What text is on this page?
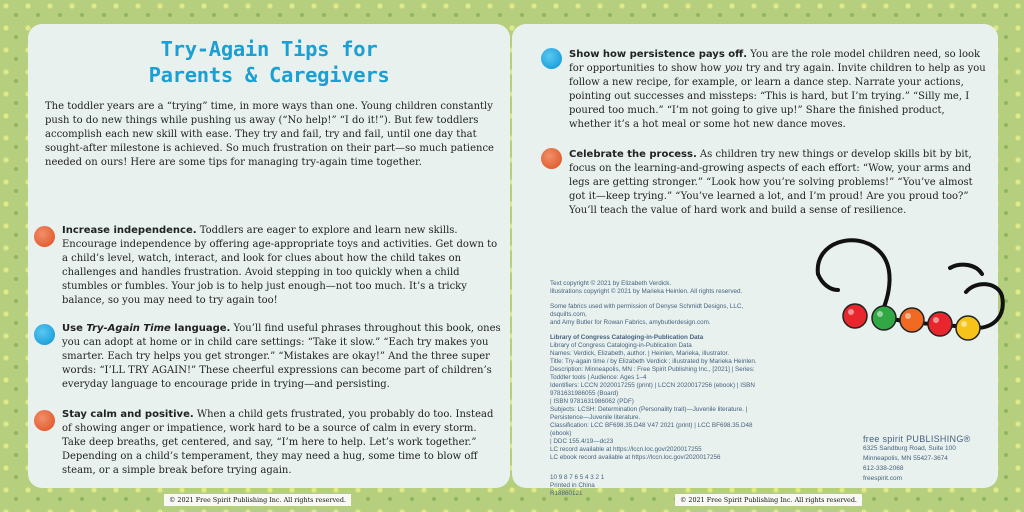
Try-Again Tips for
Parents & Caregivers

The toddler years are a “trying” time, in more ways than one. Young children constantly push to do new things while pushing us away (“No help!” “I do it!”). But few toddlers accomplish each new skill with ease. They try and fail, try and fail, until one day that sought-after milestone is achieved. So much frustration on their part—so much patience needed on ours! Here are some tips for managing try-again time together.

Increase independence. Toddlers are eager to explore and learn new skills. Encourage independence by offering age-appropriate toys and activities. Get down to a child’s level, watch, interact, and look for clues about how the child takes on challenges and handles frustration. Avoid stepping in too quickly when a child stumbles or fumbles. Your job is to help just enough—not too much. It’s a tricky balance, so you may need to try again too!

Use Try-Again Time language. You’ll find useful phrases throughout this book, ones you can adopt at home or in child care settings: “Take it slow.” “Each try makes you smarter. Each try helps you get stronger.” “Mistakes are okay!” And the three super words: “I’LL TRY AGAIN!” These cheerful expressions can become part of children’s everyday language to encourage pride in trying—and persisting.

Stay calm and positive. When a child gets frustrated, you probably do too. Instead of showing anger or impatience, work hard to be a source of calm in every storm. Take deep breaths, get centered, and say, “I’m here to help. Let’s work together.” Depending on a child’s temperament, they may need a hug, some time to blow off steam, or a simple break before trying again.

Show how persistence pays off. You are the role model children need, so look for opportunities to show how you try and try again. Invite children to help as you follow a new recipe, for example, or learn a dance step. Narrate your actions, pointing out successes and missteps: “This is hard, but I’m trying.” “Silly me, I poured too much.” “I’m not going to give up!” Share the finished product, whether it’s a hot meal or some hot new dance moves.

Celebrate the process. As children try new things or develop skills bit by bit, focus on the learning-and-growing aspects of each effort: “Wow, your arms and legs are getting stronger.” “Look how you’re solving problems!” “You’ve almost got it—keep trying.” “You’ve learned a lot, and I’m proud! Are you proud too?” You’ll teach the value of hard work and build a sense of resilience.

Text copyright © 2021 by Elizabeth Verdick.
Illustrations copyright © 2021 by Marieka Heinlen. All rights reserved.

Some fabrics used with permission of Denyse Schmidt Designs, LLC, dsquilts.com,
and Amy Butler for Rowan Fabrics, amybutlerdesign.com.

Library of Congress Cataloging-in-Publication Data
Library of Congress Cataloging-in-Publication Data
Names: Verdick, Elizabeth, author. | Heinlen, Marieka, illustrator.
Title: Try-again time / by Elizabeth Verdick ; illustrated by Marieka Heinlen.
Description: Minneapolis, MN : Free Spirit Publishing Inc., [2021] | Series: Toddler tools | Audience: Ages 1–4
Identifiers: LCCN 2020017255 (print) | LCCN 2020017256 (ebook) | ISBN 9781631986055 (Board)
| ISBN 9781631986062 (PDF)
Subjects: LCSH: Determination (Personality trait)—Juvenile literature. | Persistence—Juvenile literature.
Classification: LCC BF698.35.D48 V47 2021 (print) | LCC BF698.35.D48 (ebook)
| DDC 155.4/19—dc23
LC record available at https://lccn.loc.gov/2020017255
LC ebook record available at https://lccn.loc.gov/2020017256
10 9 8 7 6 5 4 3 2 1
Printed in China
R18860121
free spirit PUBLISHING®
6325 Sandburg Road, Suite 100
Minneapolis, MN 55427-3674
612-338-2068
freespirit.com
© 2021 Free Spirit Publishing Inc. All rights reserved.	© 2021 Free Spirit Publishing Inc. All rights reserved.
